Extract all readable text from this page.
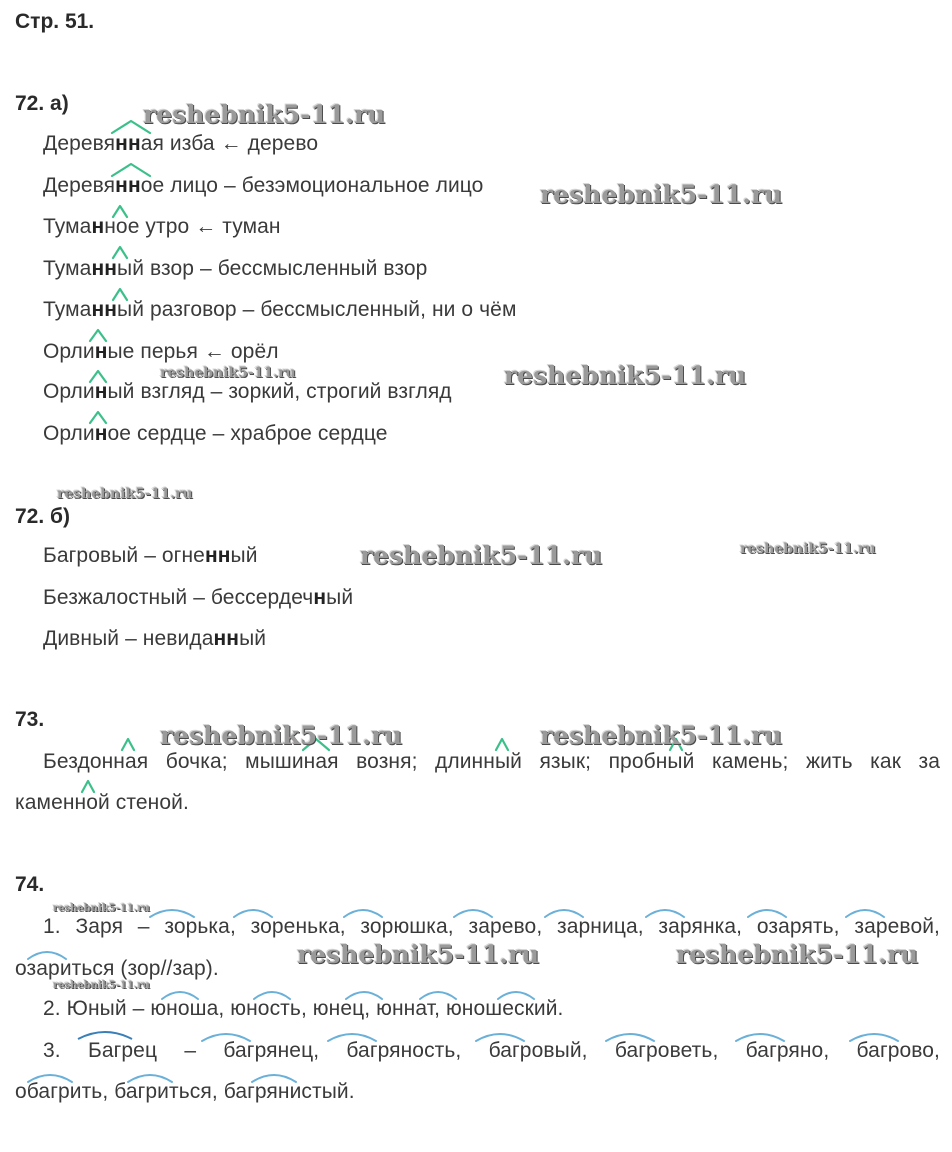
Стр. 51.
72. а)
Деревянная изба ← дерево
Деревянное лицо – безэмоциональное лицо
Туманное утро ← туман
Туманный взор – бессмысленный взор
Туманный разговор – бессмысленный, ни о чём
Орлиные перья ← орёл
Орлиный взгляд – зоркий, строгий взгляд
Орлиное сердце – храброе сердце
72. б)
Багровый – огненный
Безжалостный – бессердечный
Дивный – невиданный
73.
Бездонная бочка; мышиная возня; длинный язык; пробный камень; жить как за
каменной стеной.
74.
1. Заря – зорька, зоренька, зорюшка, зарево, зарница, зарянка, озарять, заревой,
озариться (зор//зар).
2. Юный – юноша, юность, юнец, юннат, юношеский.
3. Багрец – багрянец, багряность, багровый, багроветь, багряно, багрово,
обагрить, багриться, багрянистый.
reshebnik5-11.ru
reshebnik5-11.ru
reshebnik5-11.ru	reshebnik5-11.ru
reshebnik5-11.ru
reshebnik5-11.ru	reshebnik5-11.ru
reshebnik5-11.ru	reshebnik5-11.ru
reshebnik5-11.ru
reshebnik5-11.ru	reshebnik5-11.ru
reshebnik5-11.ru
